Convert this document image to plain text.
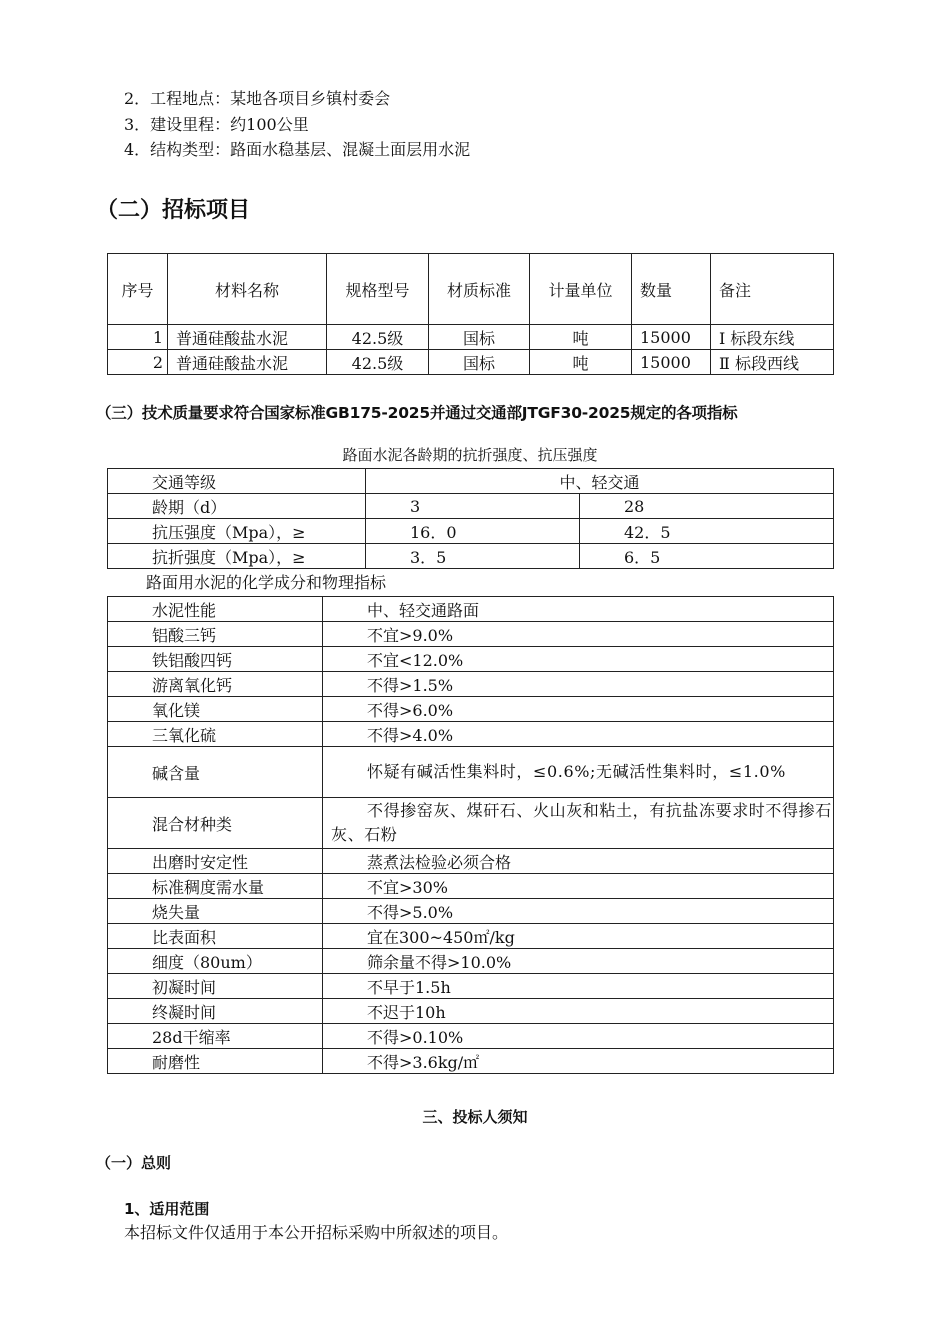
2．工程地点：某地各项目乡镇村委会
3．建设里程：约100公里
4．结构类型：路面水稳基层、混凝土面层用水泥
（二）招标项目
序号	材料名称	规格型号	材质标准	计量单位	数量	备注
1	普通硅酸盐水泥	42.5级	国标	吨	15000	Ⅰ 标段东线
2	普通硅酸盐水泥	42.5级	国标	吨	15000	Ⅱ 标段西线
（三）技术质量要求符合国家标准GB175-2025并通过交通部JTGF30-2025规定的各项指标
路面水泥各龄期的抗折强度、抗压强度
交通等级	中、轻交通	
龄期（d）	3	28
抗压强度（Mpa），≥	16．0	42．5
抗折强度（Mpa），≥	3．5	6．5
路面用水泥的化学成分和物理指标
水泥性能	中、轻交通路面
铝酸三钙	不宜>9.0%
铁铝酸四钙	不宜<12.0%
游离氧化钙	不得>1.5%
氧化镁	不得>6.0%
三氧化硫	不得>4.0%
碱含量	怀疑有碱活性集料时，≤0.6%;无碱活性集料时，≤1.0%

混合材种类	不得掺窑灰、煤矸石、火山灰和粘土，有抗盐冻要求时不得掺石灰、石粉

出磨时安定性	蒸煮法检验必须合格
标准稠度需水量	不宜>30%
烧失量	不得>5.0%
比表面积	宜在300~450㎡/kg
细度（80um）	筛余量不得>10.0%
初凝时间	不早于1.5h
终凝时间	不迟于10h
28d干缩率	不得>0.10%
耐磨性	不得>3.6kg/㎡
三、投标人须知
（一）总则
1、适用范围
本招标文件仅适用于本公开招标采购中所叙述的项目。
